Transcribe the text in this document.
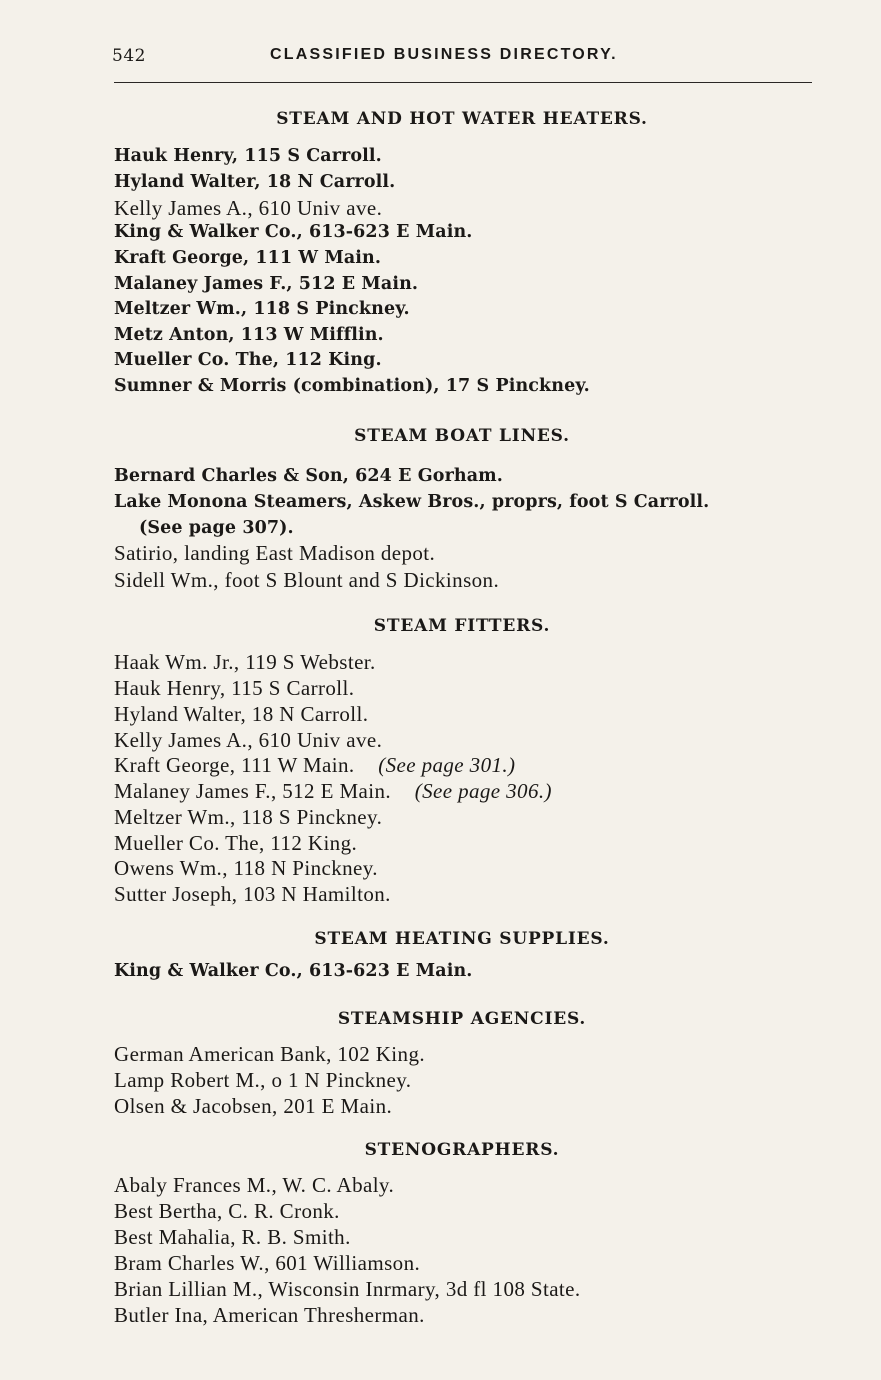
542	CLASSIFIED BUSINESS DIRECTORY.
STEAM AND HOT WATER HEATERS.
Hauk Henry, 115 S Carroll.
Hyland Walter, 18 N Carroll.
Kelly James A., 610 Univ ave.
King & Walker Co., 613-623 E Main.
Kraft George, 111 W Main.
Malaney James F., 512 E Main.
Meltzer Wm., 118 S Pinckney.
Metz Anton, 113 W Mifflin.
Mueller Co. The, 112 King.
Sumner & Morris (combination), 17 S Pinckney.
STEAM BOAT LINES.
Bernard Charles & Son, 624 E Gorham.
Lake Monona Steamers, Askew Bros., proprs, foot S Carroll.
(See page 307).
Satirio, landing East Madison depot.
Sidell Wm., foot S Blount and S Dickinson.
STEAM FITTERS.
Haak Wm. Jr., 119 S Webster.
Hauk Henry, 115 S Carroll.
Hyland Walter, 18 N Carroll.
Kelly James A., 610 Univ ave.
Kraft George, 111 W Main. (See page 301.)
Malaney James F., 512 E Main. (See page 306.)
Meltzer Wm., 118 S Pinckney.
Mueller Co. The, 112 King.
Owens Wm., 118 N Pinckney.
Sutter Joseph, 103 N Hamilton.
STEAM HEATING SUPPLIES.
King & Walker Co., 613-623 E Main.
STEAMSHIP AGENCIES.
German American Bank, 102 King.
Lamp Robert M., o 1 N Pinckney.
Olsen & Jacobsen, 201 E Main.
STENOGRAPHERS.
Abaly Frances M., W. C. Abaly.
Best Bertha, C. R. Cronk.
Best Mahalia, R. B. Smith.
Bram Charles W., 601 Williamson.
Brian Lillian M., Wisconsin Inrmary, 3d fl 108 State.
Butler Ina, American Thresherman.
